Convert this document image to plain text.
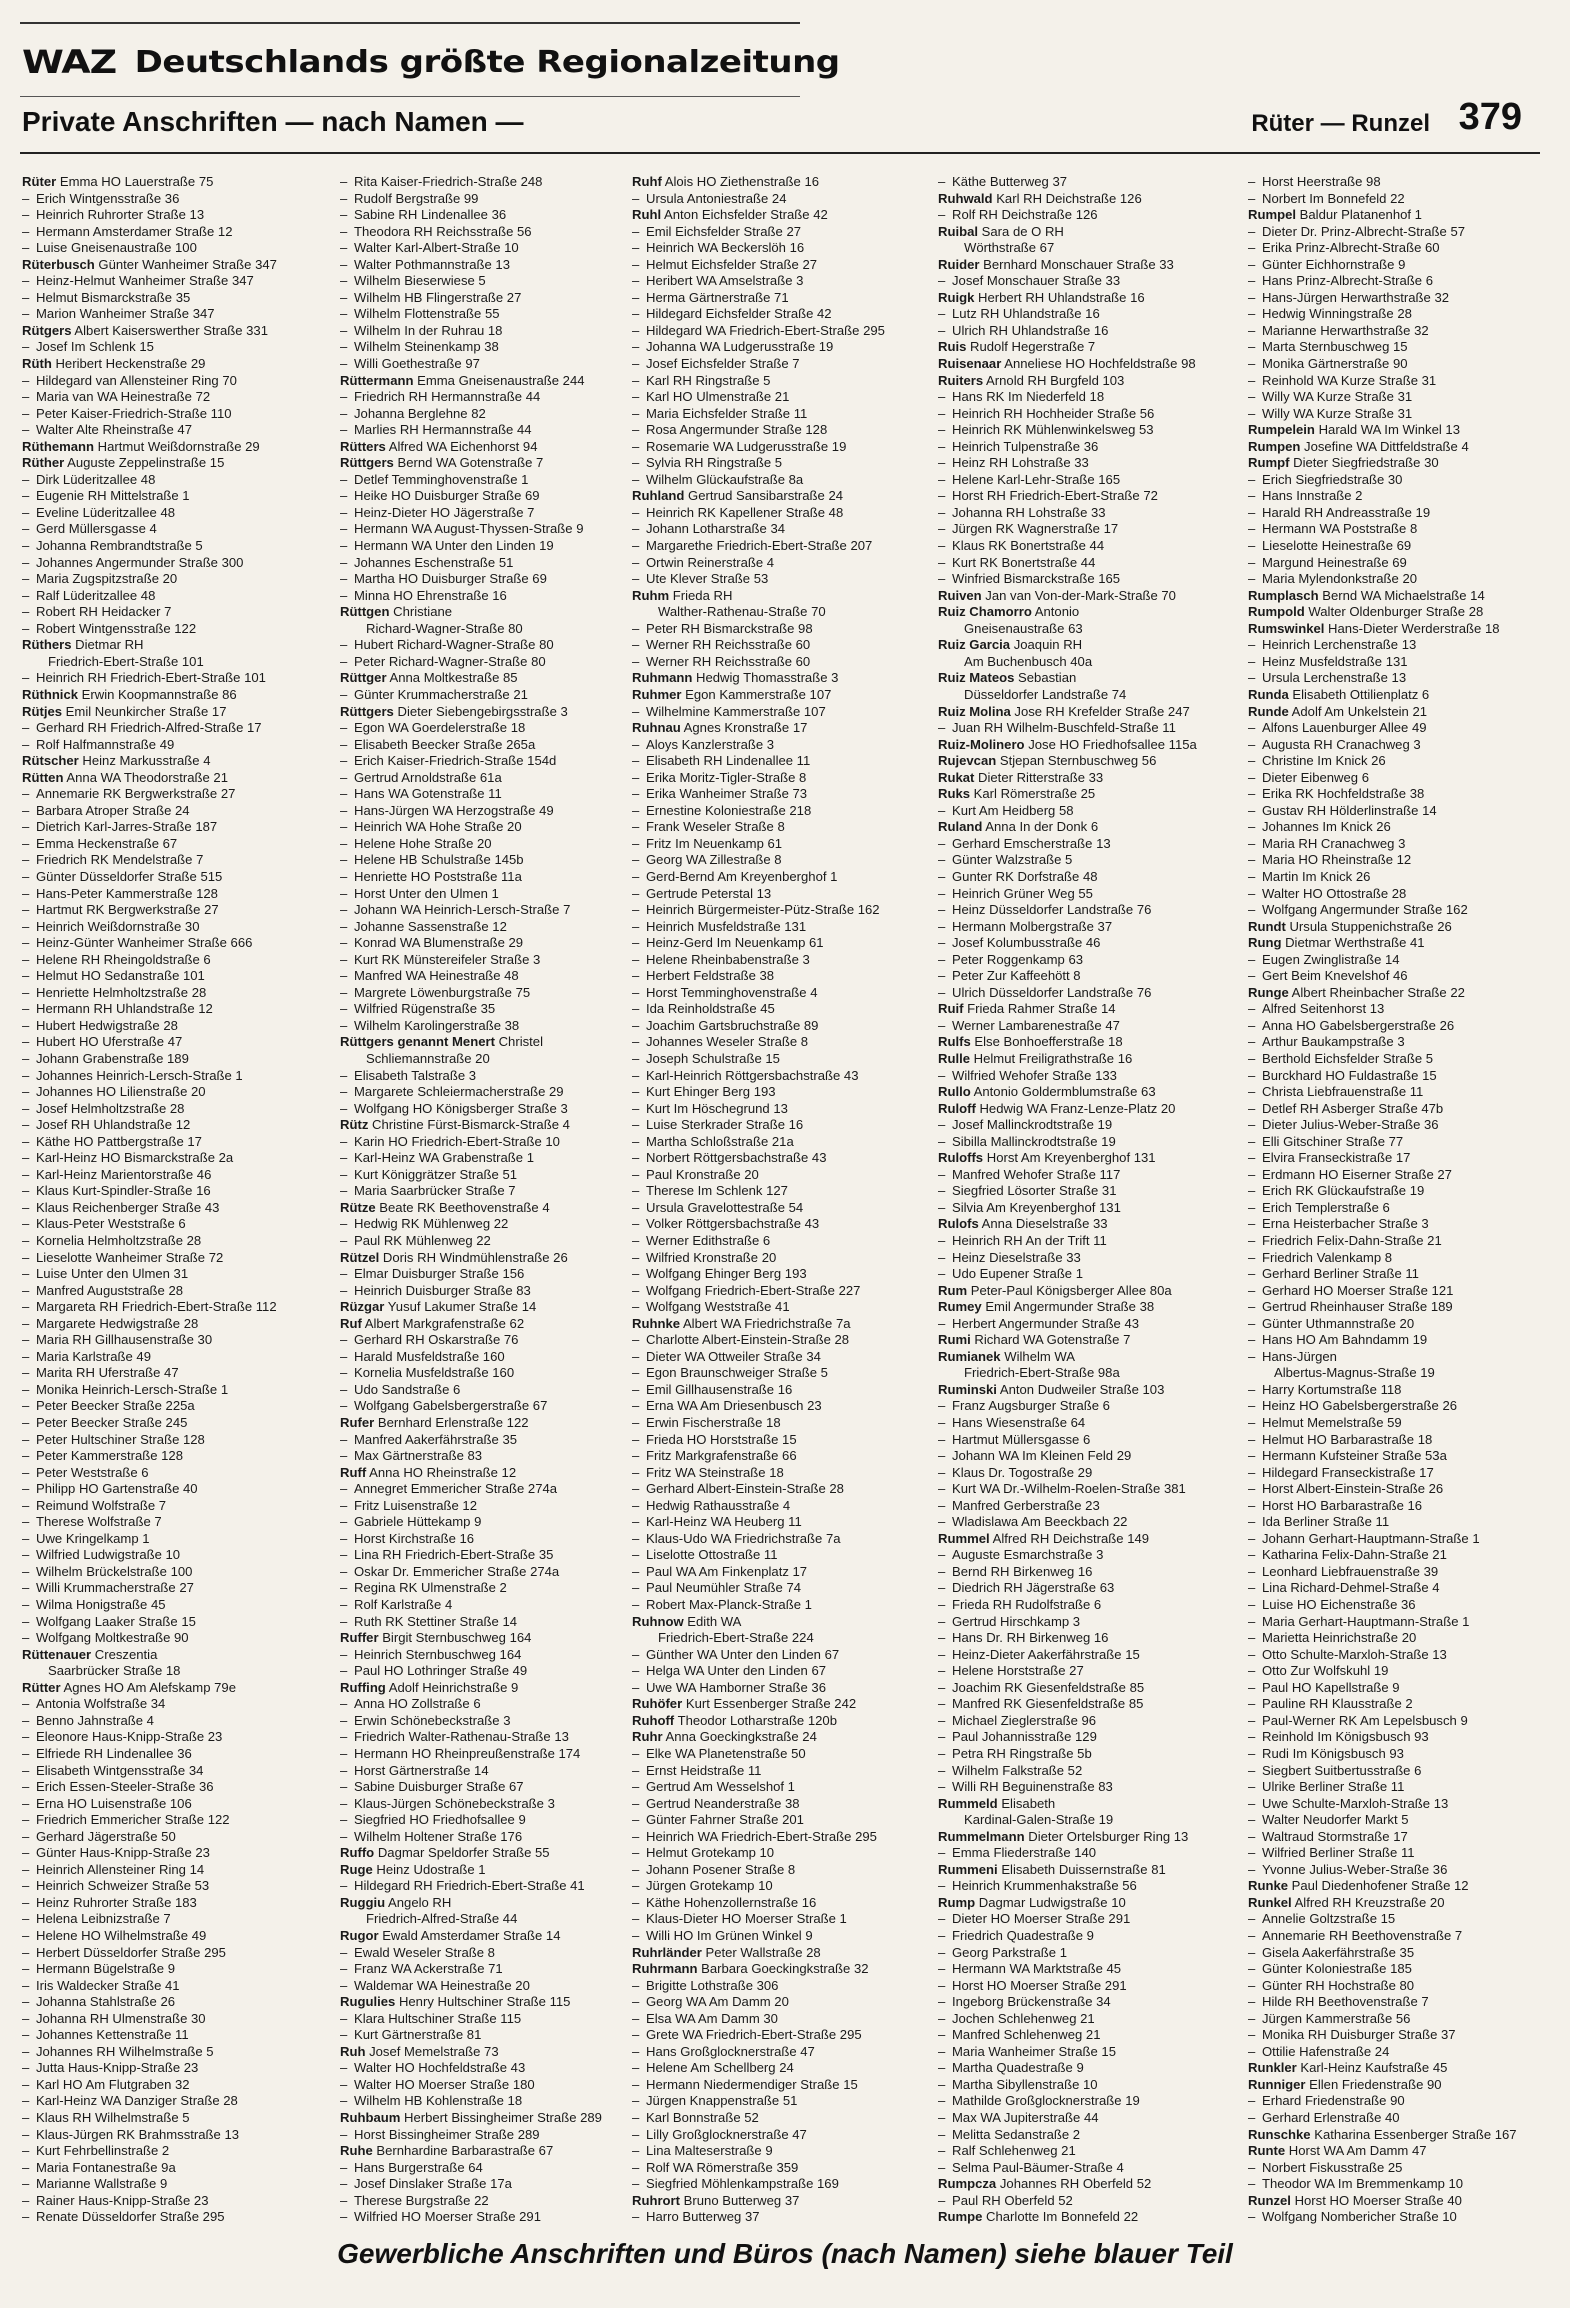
WAZ Deutschlands größte Regionalzeitung
Private Anschriften — nach Namen —	Rüter — Runzel 379
Rüter Emma HO Lauerstraße 75
– Erich Wintgensstraße 36
– Heinrich Ruhrorter Straße 13
– Hermann Amsterdamer Straße 12
– Luise Gneisenaustraße 100
Rüterbusch Günter Wanheimer Straße 347
– Heinz-Helmut Wanheimer Straße 347
– Helmut Bismarckstraße 35
– Marion Wanheimer Straße 347
Rütgers Albert Kaiserswerther Straße 331
– Josef Im Schlenk 15
Rüth Heribert Heckenstraße 29
– Hildegard van Allensteiner Ring 70
– Maria van WA Heinestraße 72
– Peter Kaiser-Friedrich-Straße 110
– Walter Alte Rheinstraße 47
Rüthemann Hartmut Weißdornstraße 29
Rüther Auguste Zeppelinstraße 15
– Dirk Lüderitzallee 48
– Eugenie RH Mittelstraße 1
– Eveline Lüderitzallee 48
– Gerd Müllersgasse 4
– Johanna Rembrandtstraße 5
– Johannes Angermunder Straße 300
– Maria Zugspitzstraße 20
– Ralf Lüderitzallee 48
– Robert RH Heidacker 7
– Robert Wintgensstraße 122
Rüthers Dietmar RH
Friedrich-Ebert-Straße 101
– Heinrich RH Friedrich-Ebert-Straße 101
Rüthnick Erwin Koopmannstraße 86
Rütjes Emil Neunkircher Straße 17
– Gerhard RH Friedrich-Alfred-Straße 17
– Rolf Halfmannstraße 49
Rütscher Heinz Markusstraße 4
Rütten Anna WA Theodorstraße 21
– Annemarie RK Bergwerkstraße 27
– Barbara Atroper Straße 24
– Dietrich Karl-Jarres-Straße 187
– Emma Heckenstraße 67
– Friedrich RK Mendelstraße 7
– Günter Düsseldorfer Straße 515
– Hans-Peter Kammerstraße 128
– Hartmut RK Bergwerkstraße 27
– Heinrich Weißdornstraße 30
– Heinz-Günter Wanheimer Straße 666
– Helene RH Rheingoldstraße 6
– Helmut HO Sedanstraße 101
– Henriette Helmholtzstraße 28
– Hermann RH Uhlandstraße 12
– Hubert Hedwigstraße 28
– Hubert HO Uferstraße 47
– Johann Grabenstraße 189
– Johannes Heinrich-Lersch-Straße 1
– Johannes HO Lilienstraße 20
– Josef Helmholtzstraße 28
– Josef RH Uhlandstraße 12
– Käthe HO Pattbergstraße 17
– Karl-Heinz HO Bismarckstraße 2a
– Karl-Heinz Marientorstraße 46
– Klaus Kurt-Spindler-Straße 16
– Klaus Reichenberger Straße 43
– Klaus-Peter Weststraße 6
– Kornelia Helmholtzstraße 28
– Lieselotte Wanheimer Straße 72
– Luise Unter den Ulmen 31
– Manfred Auguststraße 28
– Margareta RH Friedrich-Ebert-Straße 112
– Margarete Hedwigstraße 28
– Maria RH Gillhausenstraße 30
– Maria Karlstraße 49
– Marita RH Uferstraße 47
– Monika Heinrich-Lersch-Straße 1
– Peter Beecker Straße 225a
– Peter Beecker Straße 245
– Peter Hultschiner Straße 128
– Peter Kammerstraße 128
– Peter Weststraße 6
– Philipp HO Gartenstraße 40
– Reimund Wolfstraße 7
– Therese Wolfstraße 7
– Uwe Kringelkamp 1
– Wilfried Ludwigstraße 10
– Wilhelm Brückelstraße 100
– Willi Krummacherstraße 27
– Wilma Honigstraße 45
– Wolfgang Laaker Straße 15
– Wolfgang Moltkestraße 90
Rüttenauer Creszentia
Saarbrücker Straße 18
Rütter Agnes HO Am Alefskamp 79e
– Antonia Wolfstraße 34
– Benno Jahnstraße 4
– Eleonore Haus-Knipp-Straße 23
– Elfriede RH Lindenallee 36
– Elisabeth Wintgensstraße 34
– Erich Essen-Steeler-Straße 36
– Erna HO Luisenstraße 106
– Friedrich Emmericher Straße 122
– Gerhard Jägerstraße 50
– Günter Haus-Knipp-Straße 23
– Heinrich Allensteiner Ring 14
– Heinrich Schweizer Straße 53
– Heinz Ruhrorter Straße 183
– Helena Leibnizstraße 7
– Helene HO Wilhelmstraße 49
– Herbert Düsseldorfer Straße 295
– Hermann Bügelstraße 9
– Iris Waldecker Straße 41
– Johanna Stahlstraße 26
– Johanna RH Ulmenstraße 30
– Johannes Kettenstraße 11
– Johannes RH Wilhelmstraße 5
– Jutta Haus-Knipp-Straße 23
– Karl HO Am Flutgraben 32
– Karl-Heinz WA Danziger Straße 28
– Klaus RH Wilhelmstraße 5
– Klaus-Jürgen RK Brahmsstraße 13
– Kurt Fehrbellinstraße 2
– Maria Fontanestraße 9a
– Marianne Wallstraße 9
– Rainer Haus-Knipp-Straße 23
– Renate Düsseldorfer Straße 295
– Rita Kaiser-Friedrich-Straße 248
– Rudolf Bergstraße 99
– Sabine RH Lindenallee 36
– Theodora RH Reichsstraße 56
– Walter Karl-Albert-Straße 10
– Walter Pothmannstraße 13
– Wilhelm Bieserwiese 5
– Wilhelm HB Flingerstraße 27
– Wilhelm Flottenstraße 55
– Wilhelm In der Ruhrau 18
– Wilhelm Steinenkamp 38
– Willi Goethestraße 97
Rüttermann Emma Gneisenaustraße 244
– Friedrich RH Hermannstraße 44
– Johanna Berglehne 82
– Marlies RH Hermannstraße 44
Rütters Alfred WA Eichenhorst 94
Rüttgers Bernd WA Gotenstraße 7
– Detlef Temminghovenstraße 1
– Heike HO Duisburger Straße 69
– Heinz-Dieter HO Jägerstraße 7
– Hermann WA August-Thyssen-Straße 9
– Hermann WA Unter den Linden 19
– Johannes Eschenstraße 51
– Martha HO Duisburger Straße 69
– Minna HO Ehrenstraße 16
Rüttgen Christiane
Richard-Wagner-Straße 80
– Hubert Richard-Wagner-Straße 80
– Peter Richard-Wagner-Straße 80
Rüttger Anna Moltkestraße 85
– Günter Krummacherstraße 21
Rüttgers Dieter Siebengebirgsstraße 3
– Egon WA Goerdelerstraße 18
– Elisabeth Beecker Straße 265a
– Erich Kaiser-Friedrich-Straße 154d
– Gertrud Arnoldstraße 61a
– Hans WA Gotenstraße 11
– Hans-Jürgen WA Herzogstraße 49
– Heinrich WA Hohe Straße 20
– Helene Hohe Straße 20
– Helene HB Schulstraße 145b
– Henriette HO Poststraße 11a
– Horst Unter den Ulmen 1
– Johann WA Heinrich-Lersch-Straße 7
– Johanne Sassenstraße 12
– Konrad WA Blumenstraße 29
– Kurt RK Münstereifeler Straße 3
– Manfred WA Heinestraße 48
– Margrete Löwenburgstraße 75
– Wilfried Rügenstraße 35
– Wilhelm Karolingerstraße 38
Rüttgers genannt Menert Christel
Schliemannstraße 20
– Elisabeth Talstraße 3
– Margarete Schleiermacherstraße 29
– Wolfgang HO Königsberger Straße 3
Rütz Christine Fürst-Bismarck-Straße 4
– Karin HO Friedrich-Ebert-Straße 10
– Karl-Heinz WA Grabenstraße 1
– Kurt Königgrätzer Straße 51
– Maria Saarbrücker Straße 7
Rütze Beate RK Beethovenstraße 4
– Hedwig RK Mühlenweg 22
– Paul RK Mühlenweg 22
Rützel Doris RH Windmühlenstraße 26
– Elmar Duisburger Straße 156
– Heinrich Duisburger Straße 83
Rüzgar Yusuf Lakumer Straße 14
Ruf Albert Markgrafenstraße 62
– Gerhard RH Oskarstraße 76
– Harald Musfeldstraße 160
– Kornelia Musfeldstraße 160
– Udo Sandstraße 6
– Wolfgang Gabelsbergerstraße 67
Rufer Bernhard Erlenstraße 122
– Manfred Aakerfährstraße 35
– Max Gärtnerstraße 83
Ruff Anna HO Rheinstraße 12
– Annegret Emmericher Straße 274a
– Fritz Luisenstraße 12
– Gabriele Hüttekamp 9
– Horst Kirchstraße 16
– Lina RH Friedrich-Ebert-Straße 35
– Oskar Dr. Emmericher Straße 274a
– Regina RK Ulmenstraße 2
– Rolf Karlstraße 4
– Ruth RK Stettiner Straße 14
Ruffer Birgit Sternbuschweg 164
– Heinrich Sternbuschweg 164
– Paul HO Lothringer Straße 49
Ruffing Adolf Heinrichstraße 9
– Anna HO Zollstraße 6
– Erwin Schönebeckstraße 3
– Friedrich Walter-Rathenau-Straße 13
– Hermann HO Rheinpreußenstraße 174
– Horst Gärtnerstraße 14
– Sabine Duisburger Straße 67
– Klaus-Jürgen Schönebeckstraße 3
– Siegfried HO Friedhofsallee 9
– Wilhelm Holtener Straße 176
Ruffo Dagmar Speldorfer Straße 55
Ruge Heinz Udostraße 1
– Hildegard RH Friedrich-Ebert-Straße 41
Ruggiu Angelo RH
Friedrich-Alfred-Straße 44
Rugor Ewald Amsterdamer Straße 14
– Ewald Weseler Straße 8
– Franz WA Ackerstraße 71
– Waldemar WA Heinestraße 20
Rugulies Henry Hultschiner Straße 115
– Klara Hultschiner Straße 115
– Kurt Gärtnerstraße 81
Ruh Josef Memelstraße 73
– Walter HO Hochfeldstraße 43
– Walter HO Moerser Straße 180
– Wilhelm HB Kohlenstraße 18
Ruhbaum Herbert Bissingheimer Straße 289
– Horst Bissingheimer Straße 289
Ruhe Bernhardine Barbarastraße 67
– Hans Burgerstraße 64
– Josef Dinslaker Straße 17a
– Therese Burgstraße 22
– Wilfried HO Moerser Straße 291
Ruhf Alois HO Ziethenstraße 16
– Ursula Antoniestraße 24
Ruhl Anton Eichsfelder Straße 42
– Emil Eichsfelder Straße 27
– Heinrich WA Beckerslöh 16
– Helmut Eichsfelder Straße 27
– Heribert WA Amselstraße 3
– Herma Gärtnerstraße 71
– Hildegard Eichsfelder Straße 42
– Hildegard WA Friedrich-Ebert-Straße 295
– Johanna WA Ludgerusstraße 19
– Josef Eichsfelder Straße 7
– Karl RH Ringstraße 5
– Karl HO Ulmenstraße 21
– Maria Eichsfelder Straße 11
– Rosa Angermunder Straße 128
– Rosemarie WA Ludgerusstraße 19
– Sylvia RH Ringstraße 5
– Wilhelm Glückaufstraße 8a
Ruhland Gertrud Sansibarstraße 24
– Heinrich RK Kapellener Straße 48
– Johann Lotharstraße 34
– Margarethe Friedrich-Ebert-Straße 207
– Ortwin Reinerstraße 4
– Ute Klever Straße 53
Ruhm Frieda RH
Walther-Rathenau-Straße 70
– Peter RH Bismarckstraße 98
– Werner RH Reichsstraße 60
– Werner RH Reichsstraße 60
Ruhmann Hedwig Thomasstraße 3
Ruhmer Egon Kammerstraße 107
– Wilhelmine Kammerstraße 107
Ruhnau Agnes Kronstraße 17
– Aloys Kanzlerstraße 3
– Elisabeth RH Lindenallee 11
– Erika Moritz-Tigler-Straße 8
– Erika Wanheimer Straße 73
– Ernestine Koloniestraße 218
– Frank Weseler Straße 8
– Fritz Im Neuenkamp 61
– Georg WA Zillestraße 8
– Gerd-Bernd Am Kreyenberghof 1
– Gertrude Peterstal 13
– Heinrich Bürgermeister-Pütz-Straße 162
– Heinrich Musfeldstraße 131
– Heinz-Gerd Im Neuenkamp 61
– Helene Rheinbabenstraße 3
– Herbert Feldstraße 38
– Horst Temminghovenstraße 4
– Ida Reinholdstraße 45
– Joachim Gartsbruchstraße 89
– Johannes Weseler Straße 8
– Joseph Schulstraße 15
– Karl-Heinrich Röttgersbachstraße 43
– Kurt Ehinger Berg 193
– Kurt Im Höschegrund 13
– Luise Sterkrader Straße 16
– Martha Schloßstraße 21a
– Norbert Röttgersbachstraße 43
– Paul Kronstraße 20
– Therese Im Schlenk 127
– Ursula Gravelottestraße 54
– Volker Röttgersbachstraße 43
– Werner Edithstraße 6
– Wilfried Kronstraße 20
– Wolfgang Ehinger Berg 193
– Wolfgang Friedrich-Ebert-Straße 227
– Wolfgang Weststraße 41
Ruhnke Albert WA Friedrichstraße 7a
– Charlotte Albert-Einstein-Straße 28
– Dieter WA Ottweiler Straße 34
– Egon Braunschweiger Straße 5
– Emil Gillhausenstraße 16
– Erna WA Am Driesenbusch 23
– Erwin Fischerstraße 18
– Frieda HO Horststraße 15
– Fritz Markgrafenstraße 66
– Fritz WA Steinstraße 18
– Gerhard Albert-Einstein-Straße 28
– Hedwig Rathausstraße 4
– Karl-Heinz WA Heuberg 11
– Klaus-Udo WA Friedrichstraße 7a
– Liselotte Ottostraße 11
– Paul WA Am Finkenplatz 17
– Paul Neumühler Straße 74
– Robert Max-Planck-Straße 1
Ruhnow Edith WA
Friedrich-Ebert-Straße 224
– Günther WA Unter den Linden 67
– Helga WA Unter den Linden 67
– Uwe WA Hamborner Straße 36
Ruhöfer Kurt Essenberger Straße 242
Ruhoff Theodor Lotharstraße 120b
Ruhr Anna Goeckingkstraße 24
– Elke WA Planetenstraße 50
– Ernst Heidstraße 11
– Gertrud Am Wesselshof 1
– Gertrud Neanderstraße 38
– Günter Fahrner Straße 201
– Heinrich WA Friedrich-Ebert-Straße 295
– Helmut Grotekamp 10
– Johann Posener Straße 8
– Jürgen Grotekamp 10
– Käthe Hohenzollernstraße 16
– Klaus-Dieter HO Moerser Straße 1
– Willi HO Im Grünen Winkel 9
Ruhrländer Peter Wallstraße 28
Ruhrmann Barbara Goeckingkstraße 32
– Brigitte Lothstraße 306
– Georg WA Am Damm 20
– Elsa WA Am Damm 30
– Grete WA Friedrich-Ebert-Straße 295
– Hans Großglocknerstraße 47
– Helene Am Schellberg 24
– Hermann Niedermendiger Straße 15
– Jürgen Knappenstraße 51
– Karl Bonnstraße 52
– Lilly Großglocknerstraße 47
– Lina Malteserstraße 9
– Rolf WA Römerstraße 359
– Siegfried Möhlenkampstraße 169
Ruhrort Bruno Butterweg 37
– Harro Butterweg 37
– Käthe Butterweg 37
Ruhwald Karl RH Deichstraße 126
– Rolf RH Deichstraße 126
Ruibal Sara de O RH
Wörthstraße 67
Ruider Bernhard Monschauer Straße 33
– Josef Monschauer Straße 33
Ruigk Herbert RH Uhlandstraße 16
– Lutz RH Uhlandstraße 16
– Ulrich RH Uhlandstraße 16
Ruis Rudolf Hegerstraße 7
Ruisenaar Anneliese HO Hochfeldstraße 98
Ruiters Arnold RH Burgfeld 103
– Hans RK Im Niederfeld 18
– Heinrich RH Hochheider Straße 56
– Heinrich RK Mühlenwinkelsweg 53
– Heinrich Tulpenstraße 36
– Heinz RH Lohstraße 33
– Helene Karl-Lehr-Straße 165
– Horst RH Friedrich-Ebert-Straße 72
– Johanna RH Lohstraße 33
– Jürgen RK Wagnerstraße 17
– Klaus RK Bonertstraße 44
– Kurt RK Bonertstraße 44
– Winfried Bismarckstraße 165
Ruiven Jan van Von-der-Mark-Straße 70
Ruiz Chamorro Antonio
Gneisenaustraße 63
Ruiz Garcia Joaquin RH
Am Buchenbusch 40a
Ruiz Mateos Sebastian
Düsseldorfer Landstraße 74
Ruiz Molina Jose RH Krefelder Straße 247
– Juan RH Wilhelm-Buschfeld-Straße 11
Ruiz-Molinero Jose HO Friedhofsallee 115a
Rujevcan Stjepan Sternbuschweg 56
Rukat Dieter Ritterstraße 33
Ruks Karl Römerstraße 25
– Kurt Am Heidberg 58
Ruland Anna In der Donk 6
– Gerhard Emscherstraße 13
– Günter Walzstraße 5
– Gunter RK Dorfstraße 48
– Heinrich Grüner Weg 55
– Heinz Düsseldorfer Landstraße 76
– Hermann Molbergstraße 37
– Josef Kolumbusstraße 46
– Peter Roggenkamp 63
– Peter Zur Kaffeehött 8
– Ulrich Düsseldorfer Landstraße 76
Ruif Frieda Rahmer Straße 14
– Werner Lambarenestraße 47
Rulfs Else Bonhoefferstraße 18
Rulle Helmut Freiligrathstraße 16
– Wilfried Wehofer Straße 133
Rullo Antonio Goldermblumstraße 63
Ruloff Hedwig WA Franz-Lenze-Platz 20
– Josef Mallinckrodtstraße 19
– Sibilla Mallinckrodtstraße 19
Ruloffs Horst Am Kreyenberghof 131
– Manfred Wehofer Straße 117
– Siegfried Lösorter Straße 31
– Silvia Am Kreyenberghof 131
Rulofs Anna Dieselstraße 33
– Heinrich RH An der Trift 11
– Heinz Dieselstraße 33
– Udo Eupener Straße 1
Rum Peter-Paul Königsberger Allee 80a
Rumey Emil Angermunder Straße 38
– Herbert Angermunder Straße 43
Rumi Richard WA Gotenstraße 7
Rumianek Wilhelm WA
Friedrich-Ebert-Straße 98a
Ruminski Anton Dudweiler Straße 103
– Franz Augsburger Straße 6
– Hans Wiesenstraße 64
– Hartmut Müllersgasse 6
– Johann WA Im Kleinen Feld 29
– Klaus Dr. Togostraße 29
– Kurt WA Dr.-Wilhelm-Roelen-Straße 381
– Manfred Gerberstraße 23
– Wladislawa Am Beeckbach 22
Rummel Alfred RH Deichstraße 149
– Auguste Esmarchstraße 3
– Bernd RH Birkenweg 16
– Diedrich RH Jägerstraße 63
– Frieda RH Rudolfstraße 6
– Gertrud Hirschkamp 3
– Hans Dr. RH Birkenweg 16
– Heinz-Dieter Aakerfährstraße 15
– Helene Horststraße 27
– Joachim RK Giesenfeldstraße 85
– Manfred RK Giesenfeldstraße 85
– Michael Zieglerstraße 96
– Paul Johannisstraße 129
– Petra RH Ringstraße 5b
– Wilhelm Falkstraße 52
– Willi RH Beguinenstraße 83
Rummeld Elisabeth
Kardinal-Galen-Straße 19
Rummelmann Dieter Ortelsburger Ring 13
– Emma Fliederstraße 140
Rummeni Elisabeth Duissernstraße 81
– Heinrich Krummenhakstraße 56
Rump Dagmar Ludwigstraße 10
– Dieter HO Moerser Straße 291
– Friedrich Quadestraße 9
– Georg Parkstraße 1
– Hermann WA Marktstraße 45
– Horst HO Moerser Straße 291
– Ingeborg Brückenstraße 34
– Jochen Schlehenweg 21
– Manfred Schlehenweg 21
– Maria Wanheimer Straße 15
– Martha Quadestraße 9
– Martha Sibyllenstraße 10
– Mathilde Großglocknerstraße 19
– Max WA Jupiterstraße 44
– Melitta Sedanstraße 2
– Ralf Schlehenweg 21
– Selma Paul-Bäumer-Straße 4
Rumpcza Johannes RH Oberfeld 52
– Paul RH Oberfeld 52
Rumpe Charlotte Im Bonnefeld 22
– Horst Heerstraße 98
– Norbert Im Bonnefeld 22
Rumpel Baldur Platanenhof 1
– Dieter Dr. Prinz-Albrecht-Straße 57
– Erika Prinz-Albrecht-Straße 60
– Günter Eichhornstraße 9
– Hans Prinz-Albrecht-Straße 6
– Hans-Jürgen Herwarthstraße 32
– Hedwig Winningstraße 28
– Marianne Herwarthstraße 32
– Marta Sternbuschweg 15
– Monika Gärtnerstraße 90
– Reinhold WA Kurze Straße 31
– Willy WA Kurze Straße 31
– Willy WA Kurze Straße 31
Rumpelein Harald WA Im Winkel 13
Rumpen Josefine WA Dittfeldstraße 4
Rumpf Dieter Siegfriedstraße 30
– Erich Siegfriedstraße 30
– Hans Innstraße 2
– Harald RH Andreasstraße 19
– Hermann WA Poststraße 8
– Lieselotte Heinestraße 69
– Margund Heinestraße 69
– Maria Mylendonkstraße 20
Rumplasch Bernd WA Michaelstraße 14
Rumpold Walter Oldenburger Straße 28
Rumswinkel Hans-Dieter Werderstraße 18
– Heinrich Lerchenstraße 13
– Heinz Musfeldstraße 131
– Ursula Lerchenstraße 13
Runda Elisabeth Ottilienplatz 6
Runde Adolf Am Unkelstein 21
– Alfons Lauenburger Allee 49
– Augusta RH Cranachweg 3
– Christine Im Knick 26
– Dieter Eibenweg 6
– Erika RK Hochfeldstraße 38
– Gustav RH Hölderlinstraße 14
– Johannes Im Knick 26
– Maria RH Cranachweg 3
– Maria HO Rheinstraße 12
– Martin Im Knick 26
– Walter HO Ottostraße 28
– Wolfgang Angermunder Straße 162
Rundt Ursula Stuppenichstraße 26
Rung Dietmar Werthstraße 41
– Eugen Zwinglistraße 14
– Gert Beim Knevelshof 46
Runge Albert Rheinbacher Straße 22
– Alfred Seitenhorst 13
– Anna HO Gabelsbergerstraße 26
– Arthur Baukampstraße 3
– Berthold Eichsfelder Straße 5
– Burckhard HO Fuldastraße 15
– Christa Liebfrauenstraße 11
– Detlef RH Asberger Straße 47b
– Dieter Julius-Weber-Straße 36
– Elli Gitschiner Straße 77
– Elvira Franseckistraße 17
– Erdmann HO Eiserner Straße 27
– Erich RK Glückaufstraße 19
– Erich Templerstraße 6
– Erna Heisterbacher Straße 3
– Friedrich Felix-Dahn-Straße 21
– Friedrich Valenkamp 8
– Gerhard Berliner Straße 11
– Gerhard HO Moerser Straße 121
– Gertrud Rheinhauser Straße 189
– Günter Uthmannstraße 20
– Hans HO Am Bahndamm 19
– Hans-Jürgen
Albertus-Magnus-Straße 19
– Harry Kortumstraße 118
– Heinz HO Gabelsbergerstraße 26
– Helmut Memelstraße 59
– Helmut HO Barbarastraße 18
– Hermann Kufsteiner Straße 53a
– Hildegard Franseckistraße 17
– Horst Albert-Einstein-Straße 26
– Horst HO Barbarastraße 16
– Ida Berliner Straße 11
– Johann Gerhart-Hauptmann-Straße 1
– Katharina Felix-Dahn-Straße 21
– Leonhard Liebfrauenstraße 39
– Lina Richard-Dehmel-Straße 4
– Luise HO Eichenstraße 36
– Maria Gerhart-Hauptmann-Straße 1
– Marietta Heinrichstraße 20
– Otto Schulte-Marxloh-Straße 13
– Otto Zur Wolfskuhl 19
– Paul HO Kapellstraße 9
– Pauline RH Klausstraße 2
– Paul-Werner RK Am Lepelsbusch 9
– Reinhold Im Königsbusch 93
– Rudi Im Königsbusch 93
– Siegbert Suitbertusstraße 6
– Ulrike Berliner Straße 11
– Uwe Schulte-Marxloh-Straße 13
– Walter Neudorfer Markt 5
– Waltraud Stormstraße 17
– Wilfried Berliner Straße 11
– Yvonne Julius-Weber-Straße 36
Runke Paul Diedenhofener Straße 12
Runkel Alfred RH Kreuzstraße 20
– Annelie Goltzstraße 15
– Annemarie RH Beethovenstraße 7
– Gisela Aakerfährstraße 35
– Günter Koloniestraße 185
– Günter RH Hochstraße 80
– Hilde RH Beethovenstraße 7
– Jürgen Kammerstraße 56
– Monika RH Duisburger Straße 37
– Ottilie Hafenstraße 24
Runkler Karl-Heinz Kaufstraße 45
Runniger Ellen Friedenstraße 90
– Erhard Friedenstraße 90
– Gerhard Erlenstraße 40
Runschke Katharina Essenberger Straße 167
Runte Horst WA Am Damm 47
– Norbert Fiskusstraße 25
– Theodor WA Im Bremmenkamp 10
Runzel Horst HO Moerser Straße 40
– Wolfgang Nombericher Straße 10
Gewerbliche Anschriften und Büros (nach Namen) siehe blauer Teil
